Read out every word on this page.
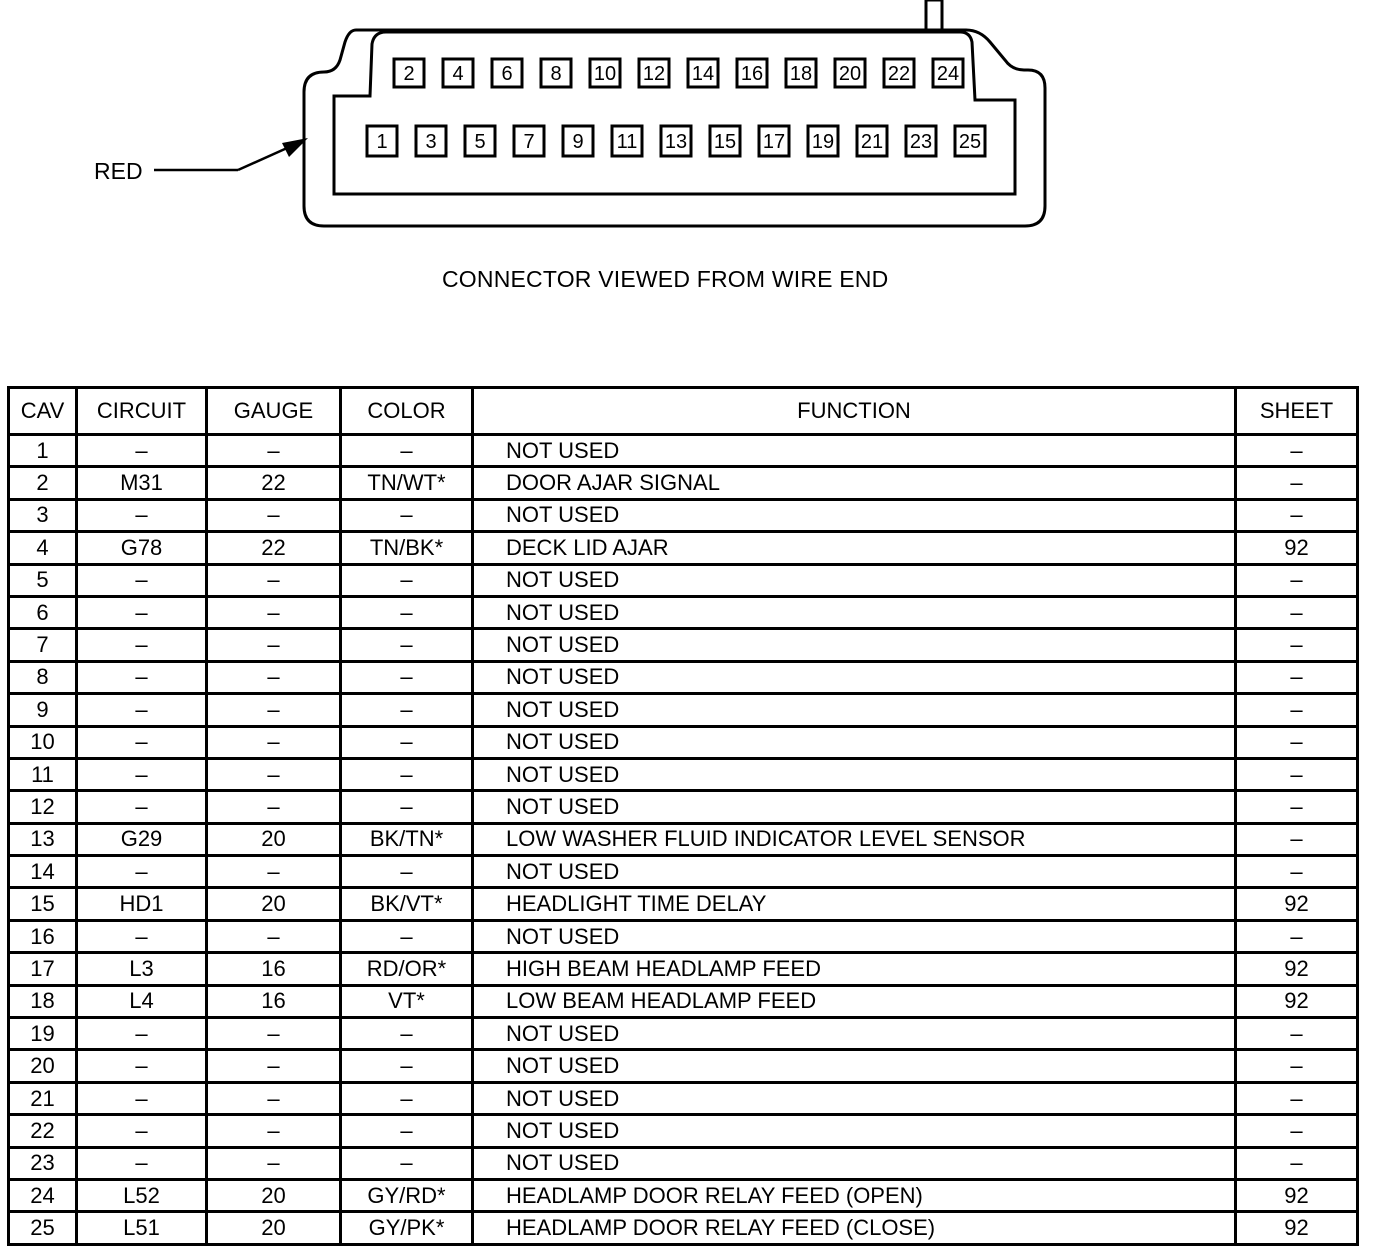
2 4 6 8 10 12 14 16 18 20 22 24
1 3 5 7 9 11 13 15 17 19 21 23 25
RED
CONNECTOR VIEWED FROM WIRE END
CAV	CIRCUIT	GAUGE	COLOR	FUNCTION	SHEET
1	–	–	–	NOT USED	–
2	M31	22	TN/WT*	DOOR AJAR SIGNAL	–
3	–	–	–	NOT USED	–
4	G78	22	TN/BK*	DECK LID AJAR	92
5	–	–	–	NOT USED	–
6	–	–	–	NOT USED	–
7	–	–	–	NOT USED	–
8	–	–	–	NOT USED	–
9	–	–	–	NOT USED	–
10	–	–	–	NOT USED	–
11	–	–	–	NOT USED	–
12	–	–	–	NOT USED	–
13	G29	20	BK/TN*	LOW WASHER FLUID INDICATOR LEVEL SENSOR	–
14	–	–	–	NOT USED	–
15	HD1	20	BK/VT*	HEADLIGHT TIME DELAY	92
16	–	–	–	NOT USED	–
17	L3	16	RD/OR*	HIGH BEAM HEADLAMP FEED	92
18	L4	16	VT*	LOW BEAM HEADLAMP FEED	92
19	–	–	–	NOT USED	–
20	–	–	–	NOT USED	–
21	–	–	–	NOT USED	–
22	–	–	–	NOT USED	–
23	–	–	–	NOT USED	–
24	L52	20	GY/RD*	HEADLAMP DOOR RELAY FEED (OPEN)	92
25	L51	20	GY/PK*	HEADLAMP DOOR RELAY FEED (CLOSE)	92
